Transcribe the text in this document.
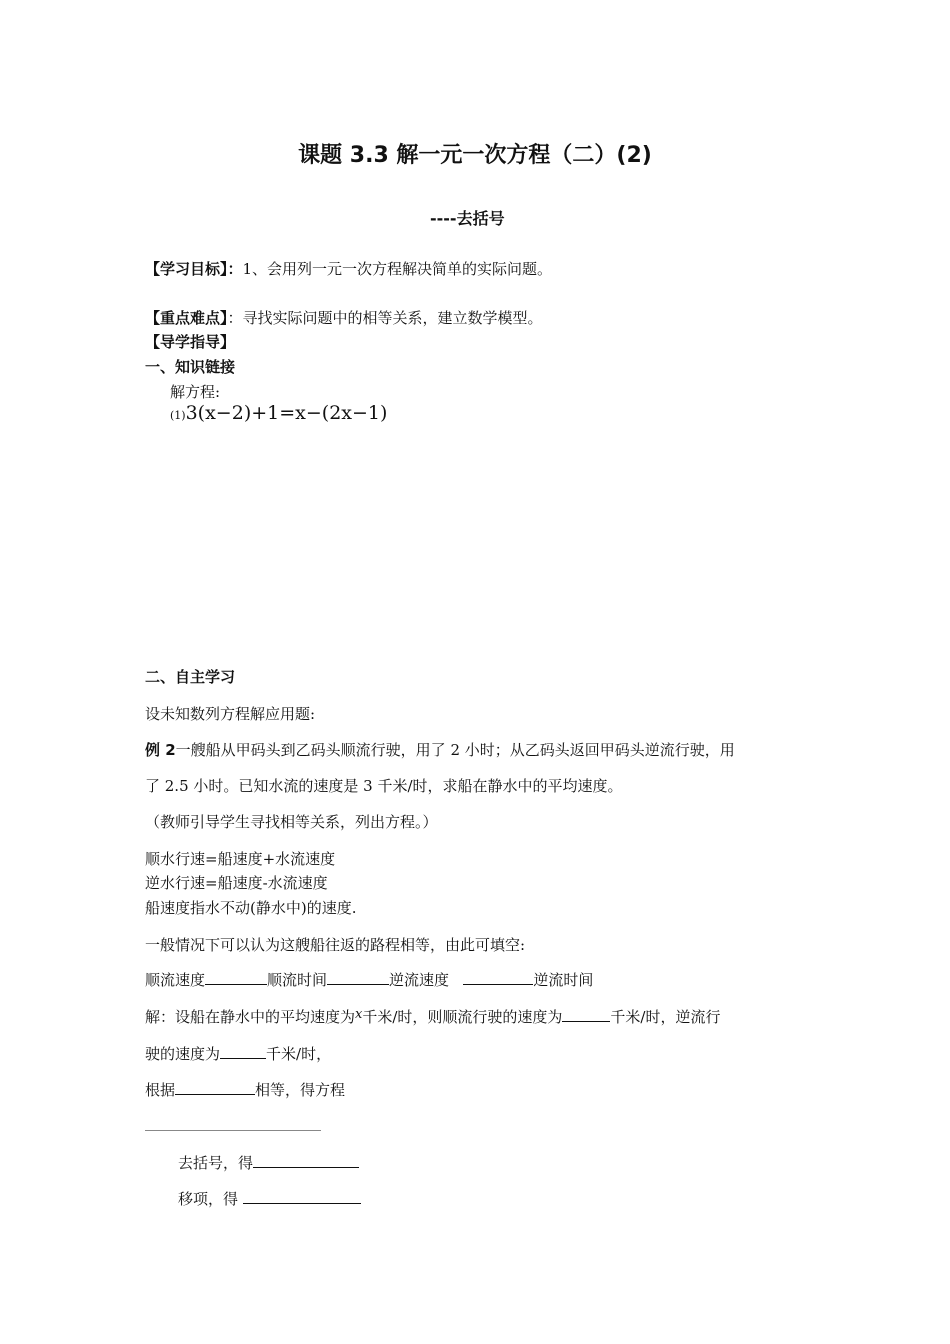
课题 3.3 解一元一次方程（二）(2)
----去括号
【学习目标】：1、会用列一元一次方程解决简单的实际问题。
【重点难点】：寻找实际问题中的相等关系，建立数学模型。
【导学指导】
一、知识链接
解方程:
(1)3(x−2)+1=x−(2x−1)
二、自主学习
设未知数列方程解应用题:
例 2一艘船从甲码头到乙码头顺流行驶，用了 2 小时；从乙码头返回甲码头逆流行驶，用
了 2.5 小时。已知水流的速度是 3 千米/时，求船在静水中的平均速度。
（教师引导学生寻找相等关系，列出方程。）
顺水行速=船速度+水流速度
逆水行速=船速度-水流速度
船速度指水不动(静水中)的速度.
一般情况下可以认为这艘船往返的路程相等，由此可填空:
顺流速度	顺流时间	逆流速度	逆流时间
解：设船在静水中的平均速度为x千米/时，则顺流行驶的速度为	千米/时，逆流行
驶的速度为	千米/时，
根据	相等，得方程
去括号，得
移项，得
